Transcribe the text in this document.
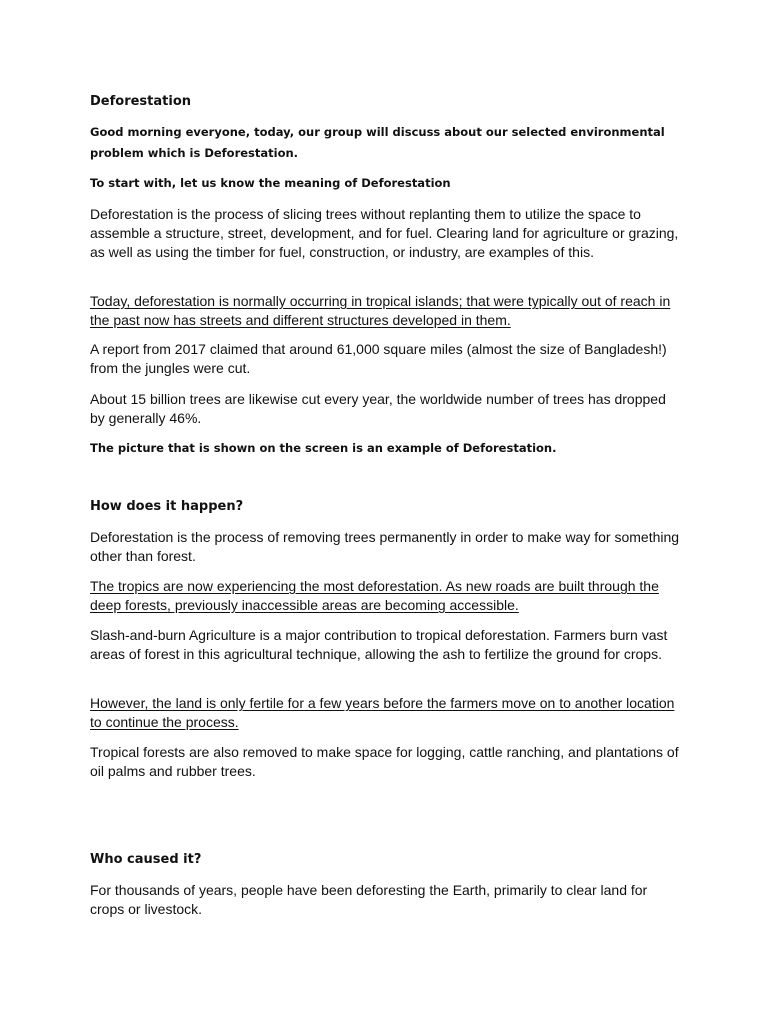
Deforestation

Good morning everyone, today, our group will discuss about our selected environmental problem which is Deforestation.

To start with, let us know the meaning of Deforestation

Deforestation is the process of slicing trees without replanting them to utilize the space to assemble a structure, street, development, and for fuel. Clearing land for agriculture or grazing, as well as using the timber for fuel, construction, or industry, are examples of this.

Today, deforestation is normally occurring in tropical islands; that were typically out of reach in the past now has streets and different structures developed in them.

A report from 2017 claimed that around 61,000 square miles (almost the size of Bangladesh!) from the jungles were cut.

About 15 billion trees are likewise cut every year, the worldwide number of trees has dropped by generally 46%.

The picture that is shown on the screen is an example of Deforestation.

How does it happen?

Deforestation is the process of removing trees permanently in order to make way for something other than forest.

The tropics are now experiencing the most deforestation. As new roads are built through the deep forests, previously inaccessible areas are becoming accessible.

Slash-and-burn Agriculture is a major contribution to tropical deforestation. Farmers burn vast areas of forest in this agricultural technique, allowing the ash to fertilize the ground for crops.

However, the land is only fertile for a few years before the farmers move on to another location to continue the process.

Tropical forests are also removed to make space for logging, cattle ranching, and plantations of oil palms and rubber trees.

Who caused it?

For thousands of years, people have been deforesting the Earth, primarily to clear land for crops or livestock.
